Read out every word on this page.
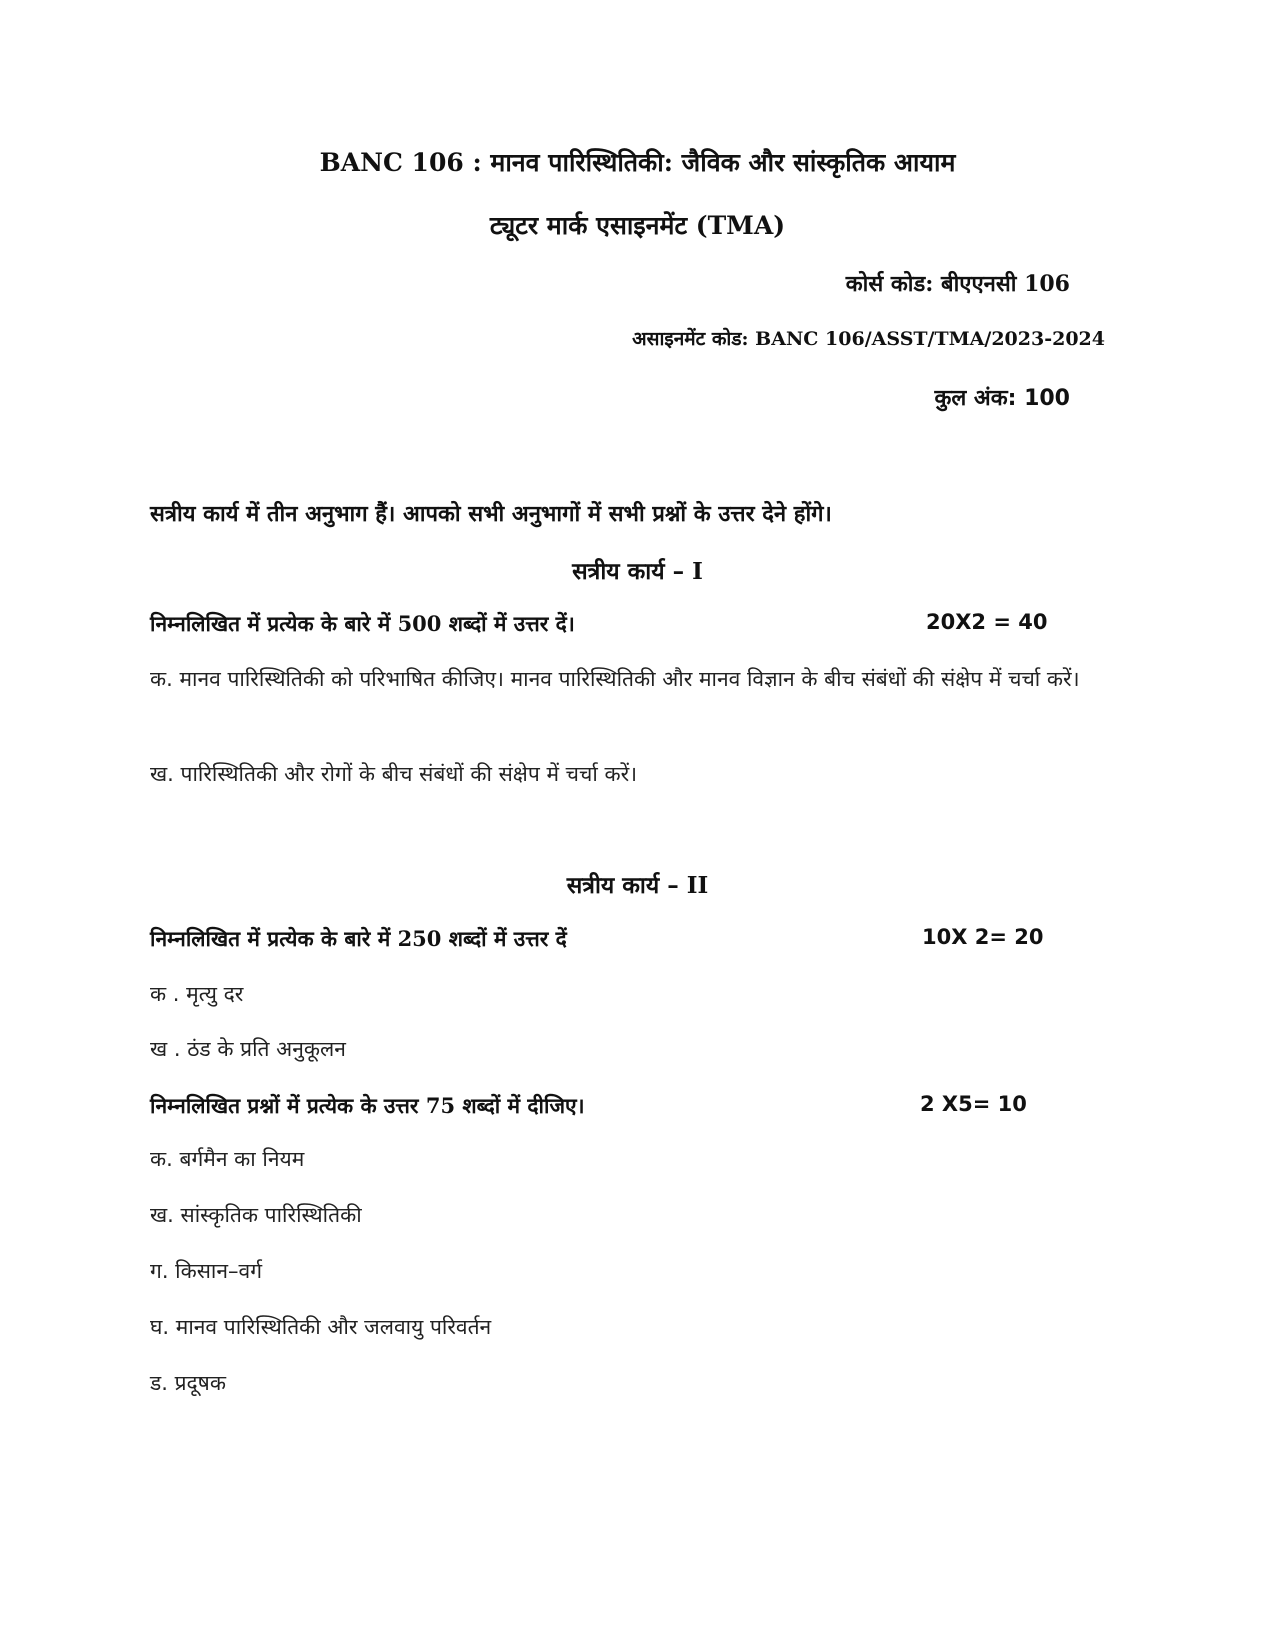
BANC 106 : मानव पारिस्थितिकी: जैविक और सांस्कृतिक आयाम
ट्यूटर मार्क एसाइनमेंट (TMA)
कोर्स कोड: बीएएनसी 106
असाइनमेंट कोड: BANC 106/ASST/TMA/2023-2024
कुल अंक: 100
सत्रीय कार्य में तीन अनुभाग हैं। आपको सभी अनुभागों में सभी प्रश्नों के उत्तर देने होंगे।
सत्रीय कार्य – I
निम्नलिखित में प्रत्येक के बारे में 500 शब्दों में उत्तर दें।	20X2 = 40
क. मानव पारिस्थितिकी को परिभाषित कीजिए। मानव पारिस्थितिकी और मानव विज्ञान के बीच संबंधों की संक्षेप में चर्चा करें।
ख. पारिस्थितिकी और रोगों के बीच संबंधों की संक्षेप में चर्चा करें।
सत्रीय कार्य – II
निम्नलिखित में प्रत्येक के बारे में 250 शब्दों में उत्तर दें	10X 2= 20
क . मृत्यु दर
ख . ठंड के प्रति अनुकूलन
निम्नलिखित प्रश्नों में प्रत्येक के उत्तर 75 शब्दों में दीजिए।	2 X5= 10
क. बर्गमैन का नियम
ख. सांस्कृतिक पारिस्थितिकी
ग. किसान–वर्ग
घ. मानव पारिस्थितिकी और जलवायु परिवर्तन
ड. प्रदूषक
